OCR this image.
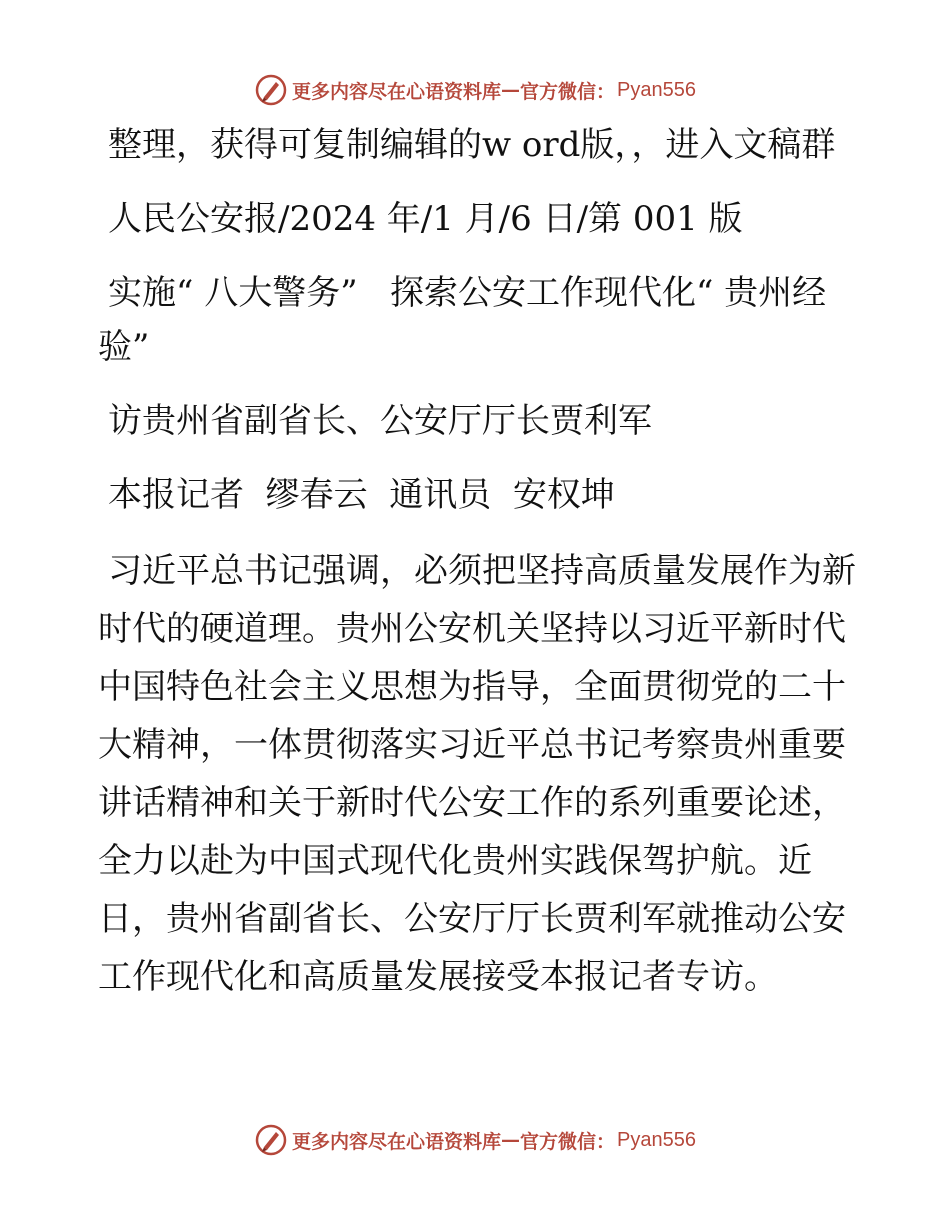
更多内容尽在心语资料库 — 官方微信： Pyan556

整理，获得可复制编辑的w ord版，，进入文稿群

人民公安报/2024 年/1 月/6 日/第 001 版

实施“ 八大警务”   探索公安工作现代化“ 贵州经验”

访贵州省副省长、公安厅厅长贾利军

本报记者  缪春云  通讯员  安权坤

习近平总书记强调，必须把坚持高质量发展作为新时代的硬道理。贵州公安机关坚持以习近平新时代中国特色社会主义思想为指导，全面贯彻党的二十大精神，一体贯彻落实习近平总书记考察贵州重要讲话精神和关于新时代公安工作的系列重要论述，全力以赴为中国式现代化贵州实践保驾护航。近日，贵州省副省长、公安厅厅长贾利军就推动公安工作现代化和高质量发展接受本报记者专访。

更多内容尽在心语资料库 — 官方微信： Pyan556
